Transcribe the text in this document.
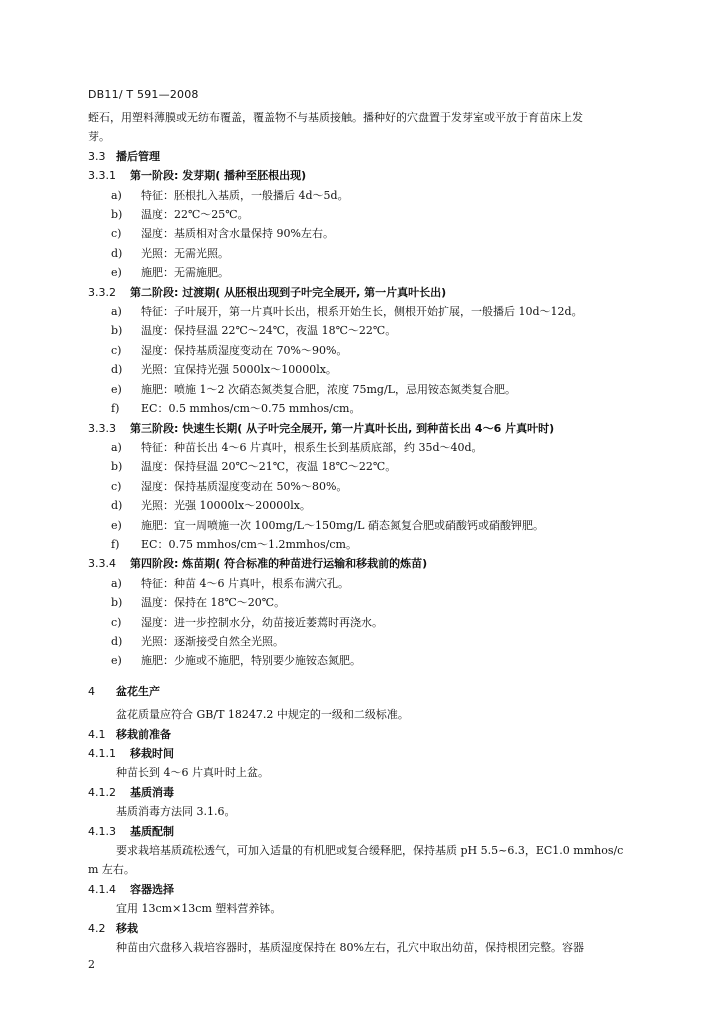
DB11/ T 591—2008

蛭石，用塑料薄膜或无纺布覆盖，覆盖物不与基质接触。播种好的穴盘置于发芽室或平放于育苗床上发

芽。

3.3 播后管理

3.3.1 第一阶段: 发芽期( 播种至胚根出现)

a) 特征：胚根扎入基质，一般播后 4d～5d。

b) 温度：22℃～25℃。

c) 湿度：基质相对含水量保持 90%左右。

d) 光照：无需光照。

e) 施肥：无需施肥。

3.3.2 第二阶段: 过渡期( 从胚根出现到子叶完全展开, 第一片真叶长出)

a) 特征：子叶展开，第一片真叶长出，根系开始生长，侧根开始扩展，一般播后 10d～12d。

b) 温度：保持昼温 22℃～24℃，夜温 18℃～22℃。

c) 湿度：保持基质湿度变动在 70%～90%。

d) 光照：宜保持光强 5000lx～10000lx。

e) 施肥：喷施 1～2 次硝态氮类复合肥，浓度 75mg/L，忌用铵态氮类复合肥。

f) EC：0.5 mmhos/cm～0.75 mmhos/cm。

3.3.3 第三阶段: 快速生长期( 从子叶完全展开, 第一片真叶长出, 到种苗长出 4～6 片真叶时)

a) 特征：种苗长出 4～6 片真叶，根系生长到基质底部，约 35d～40d。

b) 温度：保持昼温 20℃～21℃，夜温 18℃～22℃。

c) 湿度：保持基质湿度变动在 50%～80%。

d) 光照：光强 10000lx～20000lx。

e) 施肥：宜一周喷施一次 100mg/L～150mg/L 硝态氮复合肥或硝酸钙或硝酸钾肥。

f) EC：0.75 mmhos/cm～1.2mmhos/cm。

3.3.4 第四阶段: 炼苗期( 符合标准的种苗进行运输和移栽前的炼苗)

a) 特征：种苗 4～6 片真叶，根系布满穴孔。

b) 温度：保持在 18℃～20℃。

c) 湿度：进一步控制水分，幼苗接近萎蔫时再浇水。

d) 光照：逐渐接受自然全光照。

e) 施肥：少施或不施肥，特别要少施铵态氮肥。

4 盆花生产

盆花质量应符合 GB/T 18247.2 中规定的一级和二级标准。

4.1 移栽前准备

4.1.1 移栽时间

种苗长到 4～6 片真叶时上盆。

4.1.2 基质消毒

基质消毒方法同 3.1.6。

4.1.3 基质配制

要求栽培基质疏松透气，可加入适量的有机肥或复合缓释肥，保持基质 pH 5.5~6.3，EC1.0 mmhos/c

m 左右。

4.1.4 容器选择

宜用 13cm×13cm 塑料营养钵。

4.2 移栽

种苗由穴盘移入栽培容器时，基质湿度保持在 80%左右，孔穴中取出幼苗，保持根团完整。容器

2
